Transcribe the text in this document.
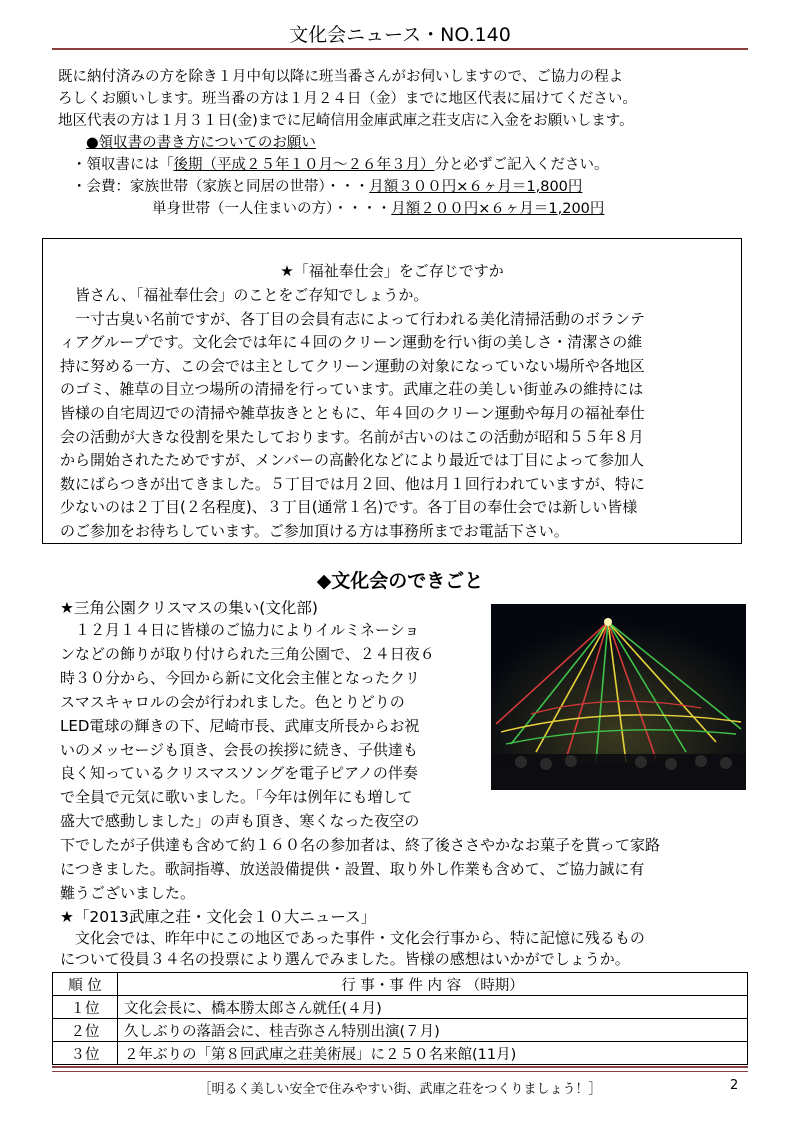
文化会ニュース・NO.140

既に納付済みの方を除き１月中旬以降に班当番さんがお伺いしますので、ご協力の程よ

ろしくお願いします。班当番の方は１月２４日（金）までに地区代表に届けてください。

地区代表の方は１月３１日(金)までに尼崎信用金庫武庫之荘支店に入金をお願いします。

●領収書の書き方についてのお願い

・領収書には「後期（平成２５年１０月〜２６年３月）分と必ずご記入ください。

・会費：家族世帯（家族と同居の世帯）・・・月額３００円×６ヶ月＝1,800円

単身世帯（一人住まいの方）・・・・月額２００円×６ヶ月＝1,200円

★「福祉奉仕会」をご存じですか

　皆さん、「福祉奉仕会」のことをご存知でしょうか。

　一寸古臭い名前ですが、各丁目の会員有志によって行われる美化清掃活動のボランテ

ィアグループです。文化会では年に４回のクリーン運動を行い街の美しさ・清潔さの維

持に努める一方、この会では主としてクリーン運動の対象になっていない場所や各地区

のゴミ、雑草の目立つ場所の清掃を行っています。武庫之荘の美しい街並みの維持には

皆様の自宅周辺での清掃や雑草抜きとともに、年４回のクリーン運動や毎月の福祉奉仕

会の活動が大きな役割を果たしております。名前が古いのはこの活動が昭和５５年８月

から開始されたためですが、メンバーの高齢化などにより最近では丁目によって参加人

数にばらつきが出てきました。５丁目では月２回、他は月１回行われていますが、特に

少ないのは２丁目(２名程度)、３丁目(通常１名)です。各丁目の奉仕会では新しい皆様

のご参加をお待ちしています。ご参加頂ける方は事務所までお電話下さい。

◆文化会のできごと
★三角公園クリスマスの集い(文化部)

　１２月１４日に皆様のご協力によりイルミネーショ

ンなどの飾りが取り付けられた三角公園で、２４日夜６

時３０分から、今回から新に文化会主催となったクリ

スマスキャロルの会が行われました。色とりどりの

LED電球の輝きの下、尼崎市長、武庫支所長からお祝

いのメッセージも頂き、会長の挨拶に続き、子供達も

良く知っているクリスマスソングを電子ピアノの伴奏

で全員で元気に歌いました。「今年は例年にも増して

盛大で感動しました」の声も頂き、寒くなった夜空の

下でしたが子供達も含めて約１６０名の参加者は、終了後ささやかなお菓子を貰って家路

につきました。歌詞指導、放送設備提供・設置、取り外し作業も含めて、ご協力誠に有

難うございました。

★「2013武庫之荘・文化会１０大ニュース」

　文化会では、昨年中にこの地区であった事件・文化会行事から、特に記憶に残るもの

について役員３４名の投票により選んでみました。皆様の感想はいかがでしょうか。

順 位	行 事・事 件 内 容 （時期）
１位	文化会長に、橋本勝太郎さん就任(４月)
２位	久しぶりの落語会に、桂吉弥さん特別出演(７月)
３位	２年ぶりの「第８回武庫之荘美術展」に２５０名来館(11月)
［明るく美しい安全で住みやすい街、武庫之荘をつくりましょう！］	2
